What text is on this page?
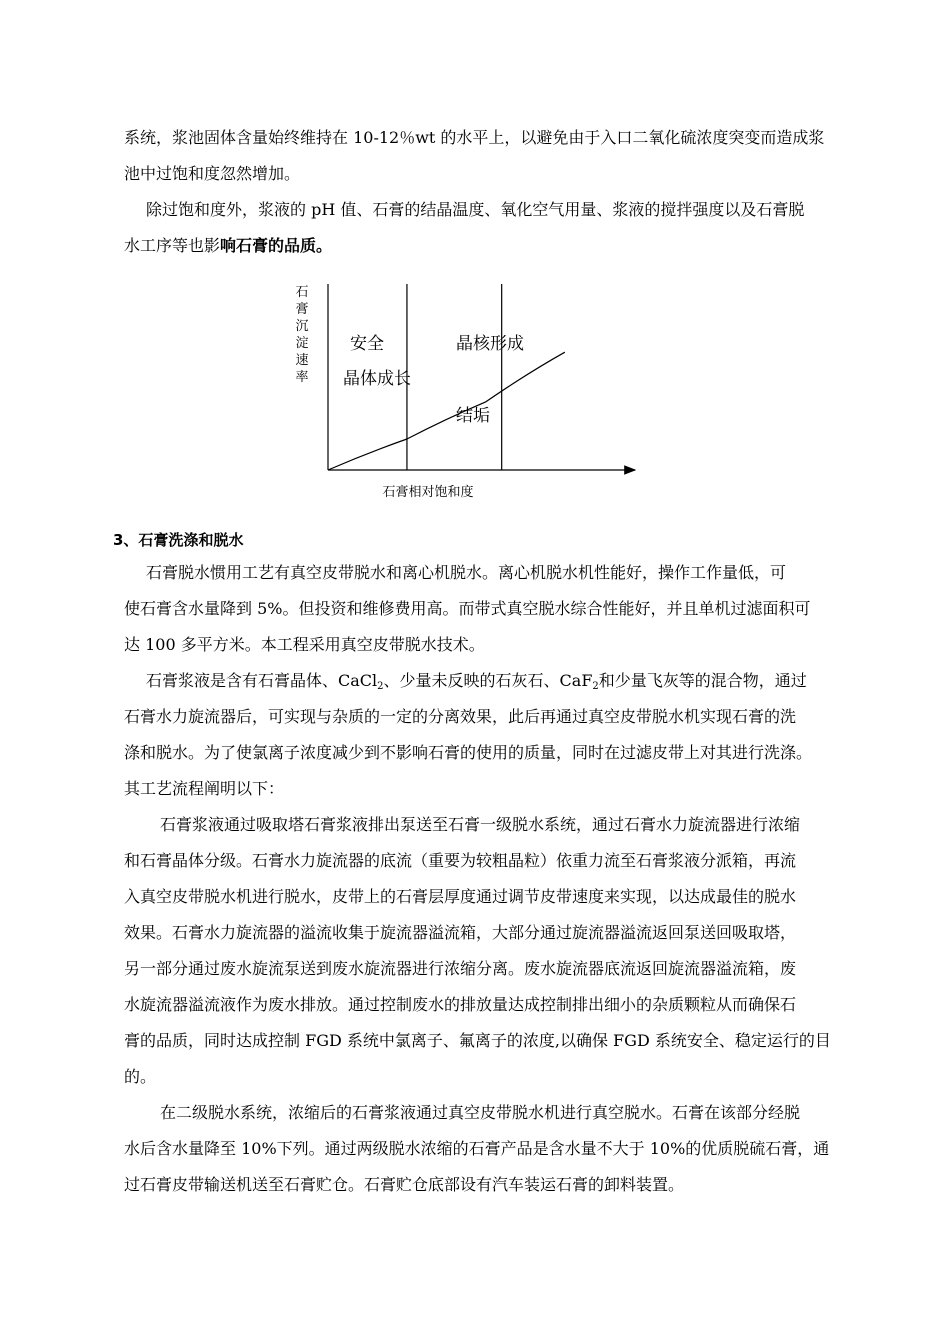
系统，浆池固体含量始终维持在 10-12％wt 的水平上，以避免由于入口二氧化硫浓度突变而造成浆
池中过饱和度忽然增加。
除过饱和度外，浆液的 pH 值、石膏的结晶温度、氧化空气用量、浆液的搅拌强度以及石膏脱
水工序等也影响石膏的品质。
石
膏
沉
淀
速
率
安全
晶体成长
晶核形成
结垢
石膏相对饱和度
3、石膏洗涤和脱水
石膏脱水惯用工艺有真空皮带脱水和离心机脱水。离心机脱水机性能好，操作工作量低，可
使石膏含水量降到 5%。但投资和维修费用高。而带式真空脱水综合性能好，并且单机过滤面积可
达 100 多平方米。本工程采用真空皮带脱水技术。
石膏浆液是含有石膏晶体、CaCl$_2$、少量未反映的石灰石、CaF$_2$和少量飞灰等的混合物，通过
石膏水力旋流器后，可实现与杂质的一定的分离效果，此后再通过真空皮带脱水机实现石膏的洗
涤和脱水。为了使氯离子浓度减少到不影响石膏的使用的质量，同时在过滤皮带上对其进行洗涤。
其工艺流程阐明以下：
石膏浆液通过吸取塔石膏浆液排出泵送至石膏一级脱水系统，通过石膏水力旋流器进行浓缩
和石膏晶体分级。石膏水力旋流器的底流（重要为较粗晶粒）依重力流至石膏浆液分派箱，再流
入真空皮带脱水机进行脱水，皮带上的石膏层厚度通过调节皮带速度来实现，以达成最佳的脱水
效果。石膏水力旋流器的溢流收集于旋流器溢流箱，大部分通过旋流器溢流返回泵送回吸取塔，
另一部分通过废水旋流泵送到废水旋流器进行浓缩分离。废水旋流器底流返回旋流器溢流箱，废
水旋流器溢流液作为废水排放。通过控制废水的排放量达成控制排出细小的杂质颗粒从而确保石
膏的品质，同时达成控制 FGD 系统中氯离子、氟离子的浓度,以确保 FGD 系统安全、稳定运行的目
的。
在二级脱水系统，浓缩后的石膏浆液通过真空皮带脱水机进行真空脱水。石膏在该部分经脱
水后含水量降至 10%下列。通过两级脱水浓缩的石膏产品是含水量不大于 10%的优质脱硫石膏，通
过石膏皮带输送机送至石膏贮仓。石膏贮仓底部设有汽车装运石膏的卸料装置。
